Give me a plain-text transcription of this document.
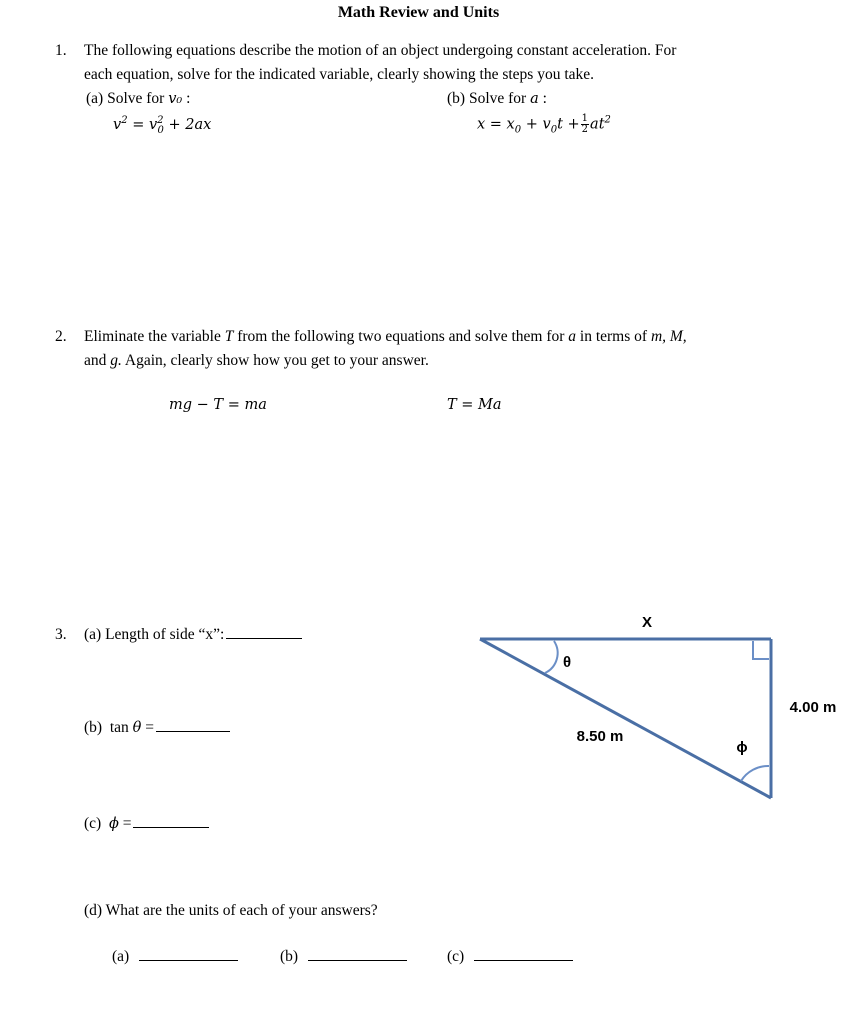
Math Review and Units
1. The following equations describe the motion of an object undergoing constant acceleration. For
each equation, solve for the indicated variable, clearly showing the steps you take.
(a) Solve for v₀ :	(b) Solve for a :
$v^2 = v^2_0 + 2ax$	$x = x_0 + v_0t + \frac{1}{2} at^2$
2. Eliminate the variable T from the following two equations and solve them for a in terms of m, M,
and g. Again, clearly show how you get to your answer.
mg − T = ma	T = Ma
3. (a) Length of side “x”:
(b) tan θ =
(c) ϕ =
(d) What are the units of each of your answers?
(a)	(b)	(c)
X
θ
8.50 m
4.00 m
ϕ
